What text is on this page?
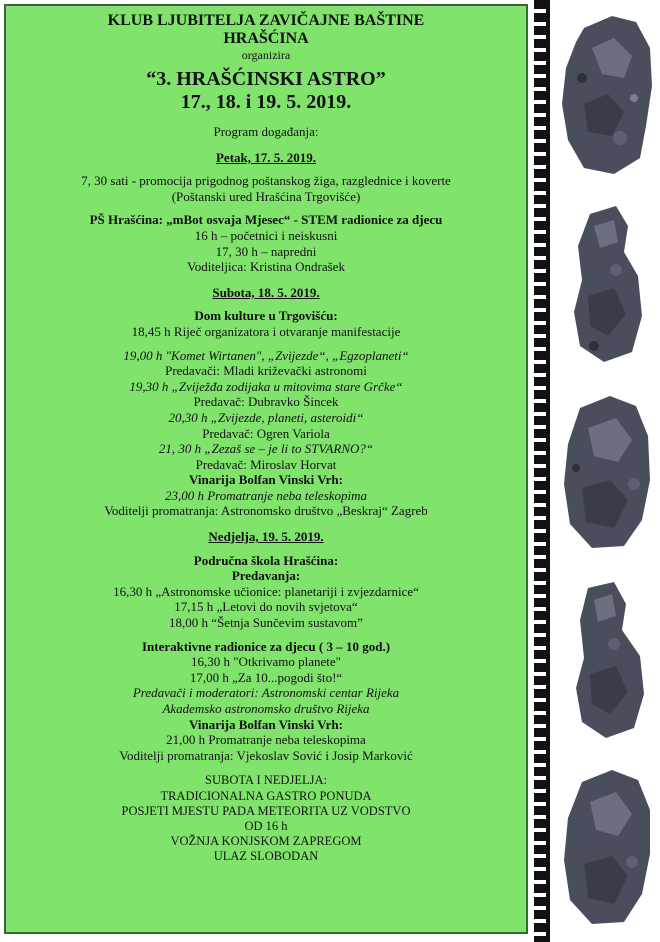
KLUB LJUBITELJA ZAVIČAJNE BAŠTINE
HRAŠĆINA
organizira
“3. HRAŠĆINSKI ASTRO”
17., 18. i 19. 5. 2019.
Program događanja:
Petak, 17. 5. 2019.
7, 30 sati - promocija prigodnog poštanskog žiga, razglednice i koverte
(Poštanski ured Hrašćina Trgovišće)
PŠ Hrašćina: „mBot osvaja Mjesec“ - STEM radionice za djecu
16 h – početnici i neiskusni
17, 30 h – napredni
Voditeljica: Kristina Ondrašek
Subota, 18. 5. 2019.
Dom kulture u Trgovišću:
18,45 h Riječ organizatora i otvaranje manifestacije
19,00 h "Komet Wirtanen", „Zvijezde“, „Egzoplaneti“
Predavači: Mladi križevački astronomi
19,30 h „Zviježđa zodijaka u mitovima stare Grčke“
Predavač: Dubravko Šincek
20,30 h „Zvijezde, planeti, asteroidi“
Predavač: Ogren Variola
21, 30 h „Zezaš se – je li to STVARNO?“
Predavač: Miroslav Horvat
Vinarija Bolfan Vinski Vrh:
23,00 h Promatranje neba teleskopima
Voditelji promatranja: Astronomsko društvo „Beskraj“ Zagreb
Nedjelja, 19. 5. 2019.
Područna škola Hrašćina:
Predavanja:
16,30 h „Astronomske učionice: planetariji i zvjezdarnice“
17,15 h „Letovi do novih svjetova“
18,00 h “Šetnja Sunčevim sustavom”
Interaktivne radionice za djecu ( 3 – 10 god.)
16,30 h "Otkrivamo planete"
17,00 h „Za 10...pogodi što!“
Predavači i moderatori: Astronomski centar Rijeka
Akademsko astronomsko društvo Rijeka
Vinarija Bolfan Vinski Vrh:
21,00 h Promatranje neba teleskopima
Voditelji promatranja: Vjekoslav Sović i Josip Marković
SUBOTA I NEDJELJA:
TRADICIONALNA GASTRO PONUDA
POSJETI MJESTU PADA METEORITA UZ VODSTVO
OD 16 h
VOŽNJA KONJSKOM ZAPREGOM
ULAZ SLOBODAN
